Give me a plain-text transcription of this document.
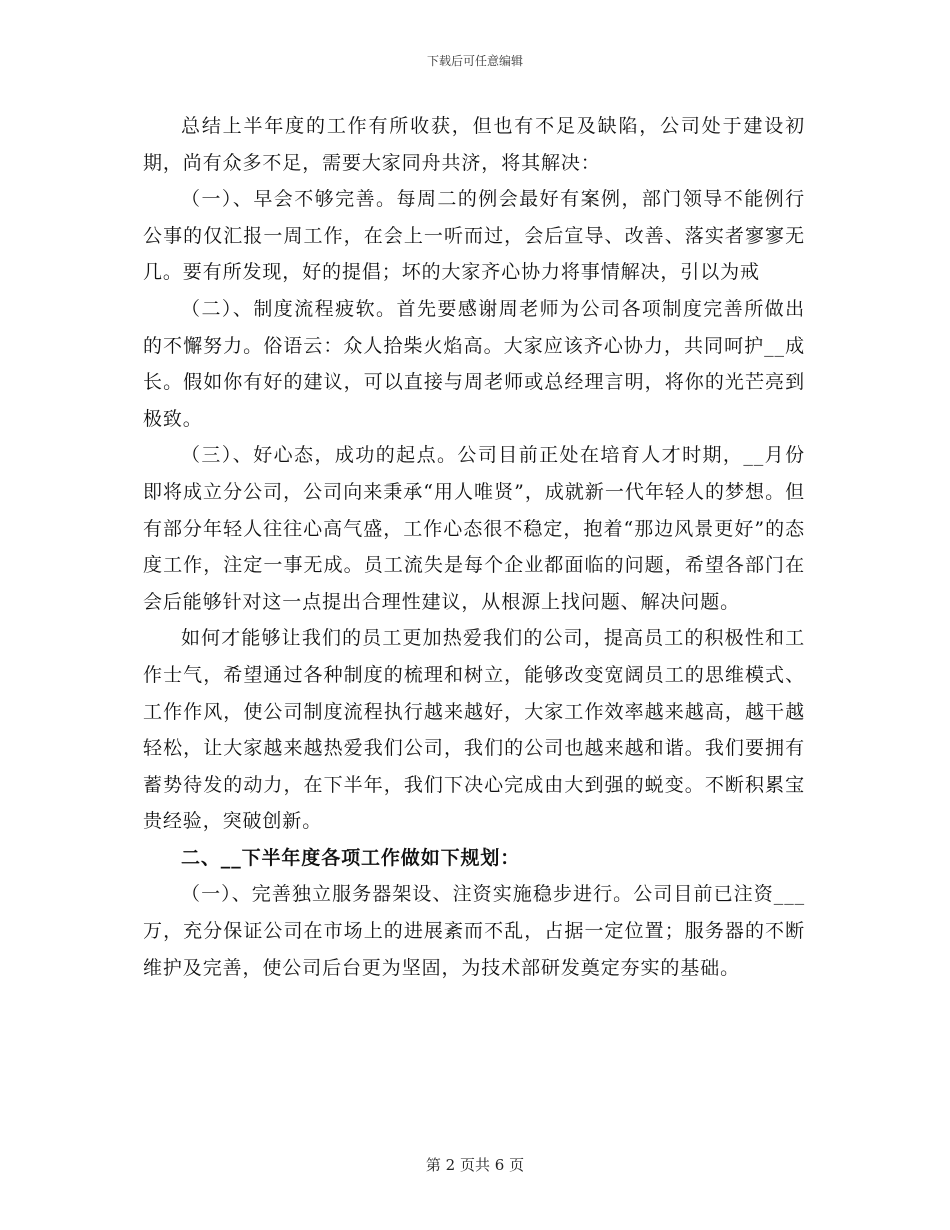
下载后可任意编辑

总结上半年度的工作有所收获，但也有不足及缺陷，公司处于建设初期，尚有众多不足，需要大家同舟共济，将其解决：

（一）、早会不够完善。每周二的例会最好有案例，部门领导不能例行公事的仅汇报一周工作，在会上一听而过，会后宣导、改善、落实者寥寥无几。要有所发现，好的提倡；坏的大家齐心协力将事情解决，引以为戒

（二）、制度流程疲软。首先要感谢周老师为公司各项制度完善所做出的不懈努力。俗语云：众人拾柴火焰高。大家应该齐心协力，共同呵护__成长。假如你有好的建议，可以直接与周老师或总经理言明，将你的光芒亮到极致。

（三）、好心态，成功的起点。公司目前正处在培育人才时期，__月份即将成立分公司，公司向来秉承“用人唯贤”，成就新一代年轻人的梦想。但有部分年轻人往往心高气盛，工作心态很不稳定，抱着“那边风景更好”的态度工作，注定一事无成。员工流失是每个企业都面临的问题，希望各部门在会后能够针对这一点提出合理性建议，从根源上找问题、解决问题。

如何才能够让我们的员工更加热爱我们的公司，提高员工的积极性和工作士气，希望通过各种制度的梳理和树立，能够改变宽阔员工的思维模式、工作作风，使公司制度流程执行越来越好，大家工作效率越来越高，越干越轻松，让大家越来越热爱我们公司，我们的公司也越来越和谐。我们要拥有蓄势待发的动力，在下半年，我们下决心完成由大到强的蜕变。不断积累宝贵经验，突破创新。

二、__下半年度各项工作做如下规划：

（一）、完善独立服务器架设、注资实施稳步进行。公司目前已注资___万，充分保证公司在市场上的进展紊而不乱，占据一定位置；服务器的不断维护及完善，使公司后台更为坚固，为技术部研发奠定夯实的基础。

第 2 页共 6 页
